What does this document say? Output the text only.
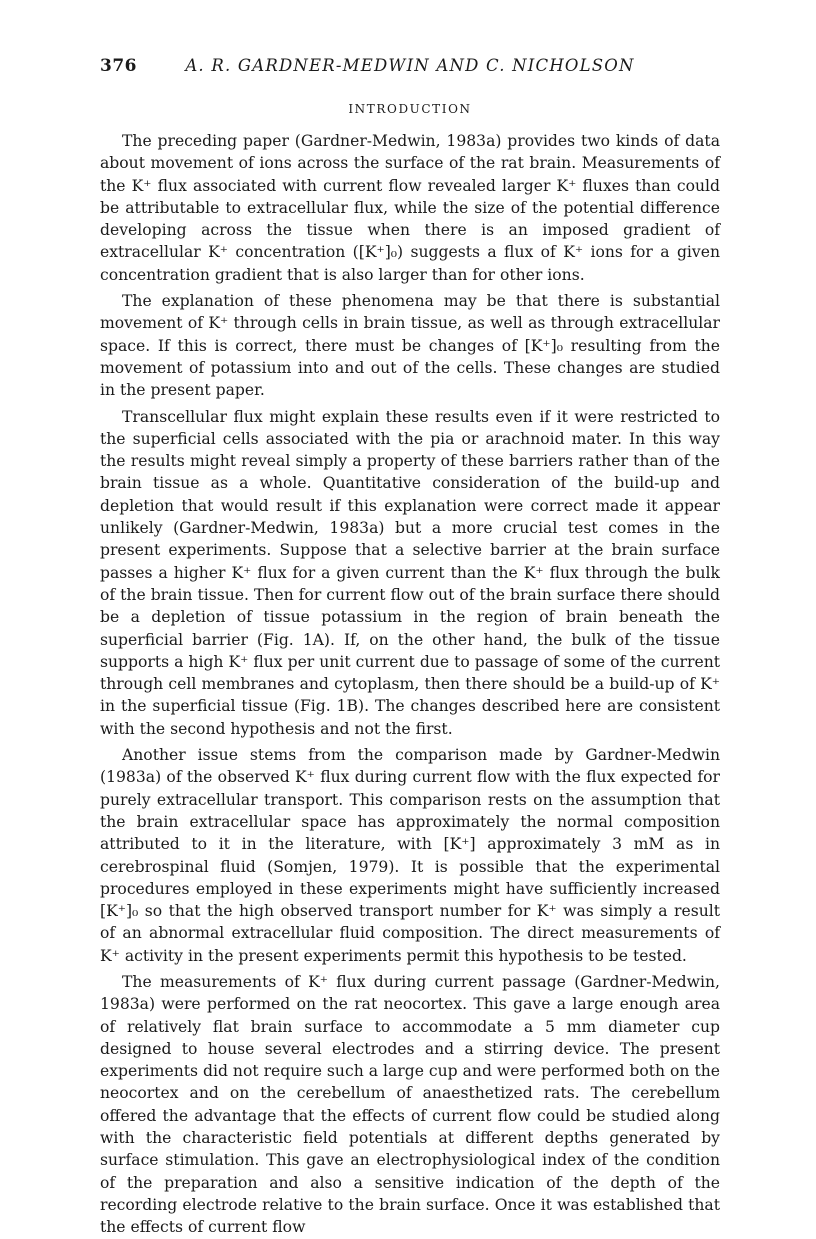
376	A. R. GARDNER-MEDWIN AND C. NICHOLSON
INTRODUCTION

The preceding paper (Gardner-Medwin, 1983a) provides two kinds of data about movement of ions across the surface of the rat brain. Measurements of the K⁺ flux associated with current flow revealed larger K⁺ fluxes than could be attributable to extracellular flux, while the size of the potential difference developing across the tissue when there is an imposed gradient of extracellular K⁺ concentration ([K⁺]₀) suggests a flux of K⁺ ions for a given concentration gradient that is also larger than for other ions.

The explanation of these phenomena may be that there is substantial movement of K⁺ through cells in brain tissue, as well as through extracellular space. If this is correct, there must be changes of [K⁺]₀ resulting from the movement of potassium into and out of the cells. These changes are studied in the present paper.

Transcellular flux might explain these results even if it were restricted to the superficial cells associated with the pia or arachnoid mater. In this way the results might reveal simply a property of these barriers rather than of the brain tissue as a whole. Quantitative consideration of the build-up and depletion that would result if this explanation were correct made it appear unlikely (Gardner-Medwin, 1983a) but a more crucial test comes in the present experiments. Suppose that a selective barrier at the brain surface passes a higher K⁺ flux for a given current than the K⁺ flux through the bulk of the brain tissue. Then for current flow out of the brain surface there should be a depletion of tissue potassium in the region of brain beneath the superficial barrier (Fig. 1A). If, on the other hand, the bulk of the tissue supports a high K⁺ flux per unit current due to passage of some of the current through cell membranes and cytoplasm, then there should be a build-up of K⁺ in the superficial tissue (Fig. 1B). The changes described here are consistent with the second hypothesis and not the first.

Another issue stems from the comparison made by Gardner-Medwin (1983a) of the observed K⁺ flux during current flow with the flux expected for purely extracellular transport. This comparison rests on the assumption that the brain extracellular space has approximately the normal composition attributed to it in the literature, with [K⁺] approximately 3 mM as in cerebrospinal fluid (Somjen, 1979). It is possible that the experimental procedures employed in these experiments might have sufficiently increased [K⁺]₀ so that the high observed transport number for K⁺ was simply a result of an abnormal extracellular fluid composition. The direct measurements of K⁺ activity in the present experiments permit this hypothesis to be tested.

The measurements of K⁺ flux during current passage (Gardner-Medwin, 1983a) were performed on the rat neocortex. This gave a large enough area of relatively flat brain surface to accommodate a 5 mm diameter cup designed to house several electrodes and a stirring device. The present experiments did not require such a large cup and were performed both on the neocortex and on the cerebellum of anaesthetized rats. The cerebellum offered the advantage that the effects of current flow could be studied along with the characteristic field potentials at different depths generated by surface stimulation. This gave an electrophysiological index of the condition of the preparation and also a sensitive indication of the depth of the recording electrode relative to the brain surface. Once it was established that the effects of current flow
